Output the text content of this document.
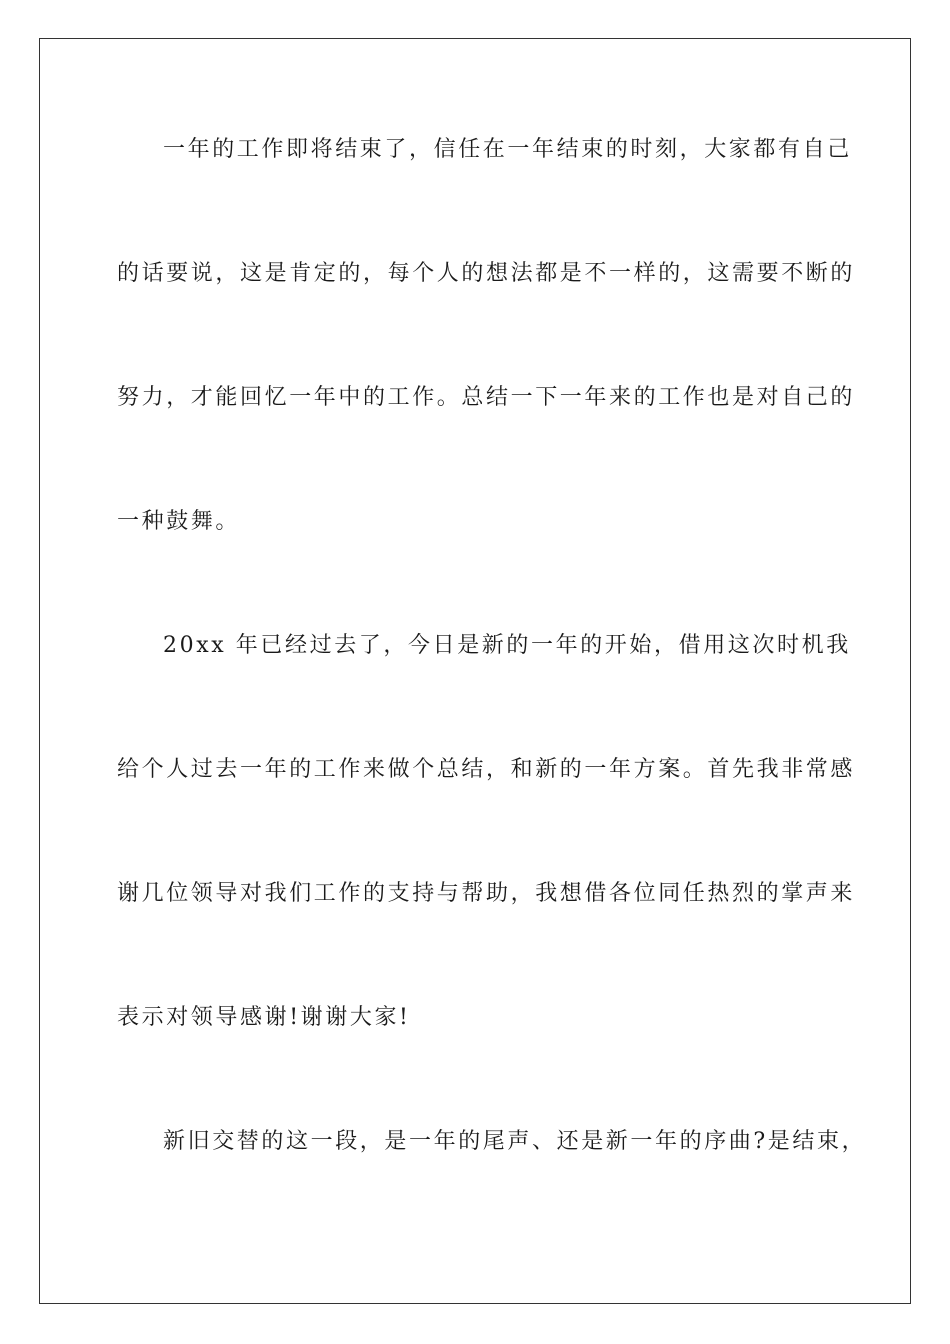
一年的工作即将结束了，信任在一年结束的时刻，大家都有自己
的话要说，这是肯定的，每个人的想法都是不一样的，这需要不断的
努力，才能回忆一年中的工作。总结一下一年来的工作也是对自己的
一种鼓舞。
20xx 年已经过去了，今日是新的一年的开始，借用这次时机我
给个人过去一年的工作来做个总结，和新的一年方案。首先我非常感
谢几位领导对我们工作的支持与帮助，我想借各位同任热烈的掌声来
表示对领导感谢!谢谢大家!
新旧交替的这一段，是一年的尾声、还是新一年的序曲?是结束，
